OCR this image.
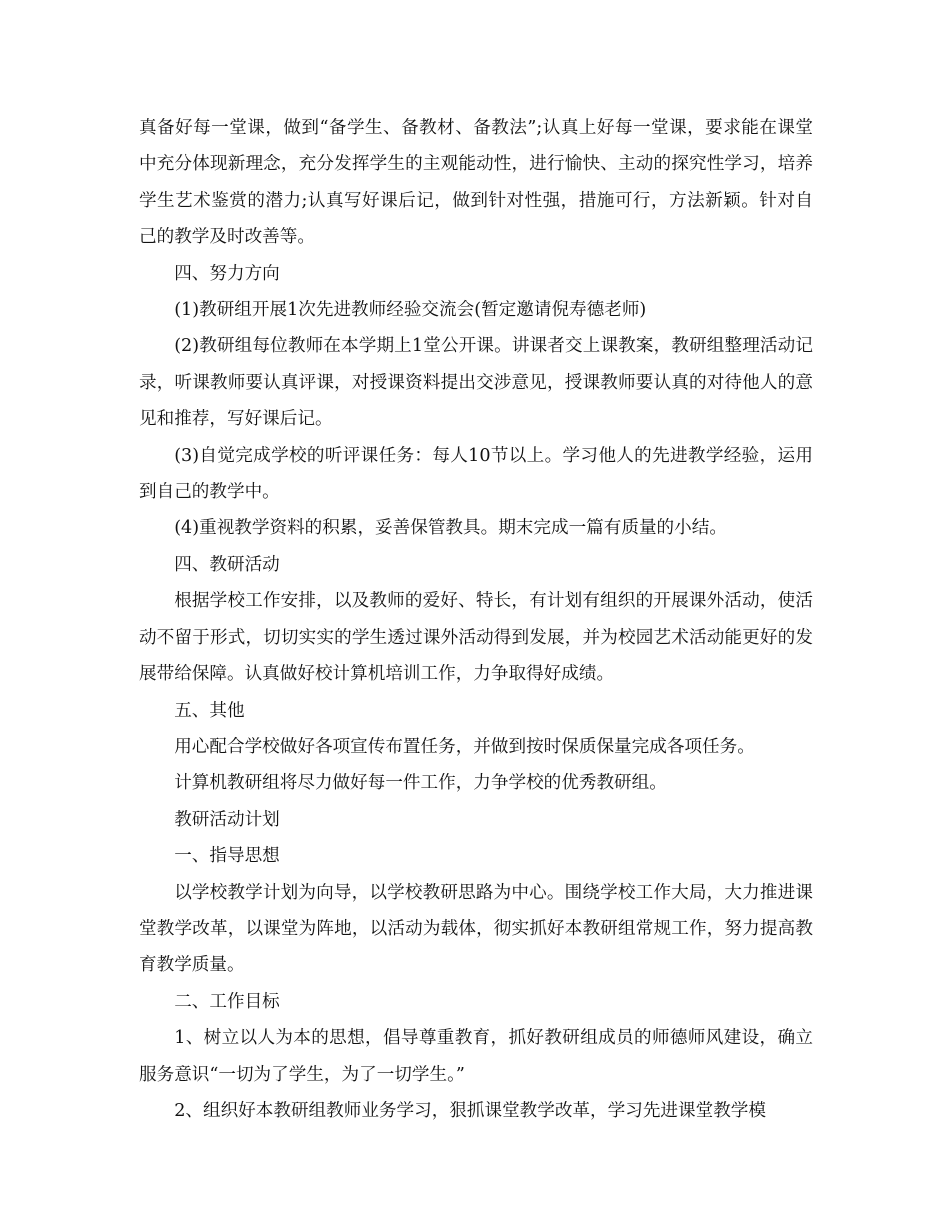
真备好每一堂课，做到“备学生、备教材、备教法”;认真上好每一堂课，要求能在课堂中充分体现新理念，充分发挥学生的主观能动性，进行愉快、主动的探究性学习，培养学生艺术鉴赏的潜力;认真写好课后记，做到针对性强，措施可行，方法新颖。针对自己的教学及时改善等。

四、努力方向

(1)教研组开展1次先进教师经验交流会(暂定邀请倪寿德老师)

(2)教研组每位教师在本学期上1堂公开课。讲课者交上课教案，教研组整理活动记录，听课教师要认真评课，对授课资料提出交涉意见，授课教师要认真的对待他人的意见和推荐，写好课后记。

(3)自觉完成学校的听评课任务：每人10节以上。学习他人的先进教学经验，运用到自己的教学中。

(4)重视教学资料的积累，妥善保管教具。期末完成一篇有质量的小结。

四、教研活动

根据学校工作安排，以及教师的爱好、特长，有计划有组织的开展课外活动，使活动不留于形式，切切实实的学生透过课外活动得到发展，并为校园艺术活动能更好的发展带给保障。认真做好校计算机培训工作，力争取得好成绩。

五、其他

用心配合学校做好各项宣传布置任务，并做到按时保质保量完成各项任务。

计算机教研组将尽力做好每一件工作，力争学校的优秀教研组。

教研活动计划

一、指导思想

以学校教学计划为向导，以学校教研思路为中心。围绕学校工作大局，大力推进课堂教学改革，以课堂为阵地，以活动为载体，彻实抓好本教研组常规工作，努力提高教育教学质量。

二、工作目标

1、树立以人为本的思想，倡导尊重教育，抓好教研组成员的师德师风建设，确立服务意识“一切为了学生，为了一切学生。”

2、组织好本教研组教师业务学习，狠抓课堂教学改革，学习先进课堂教学模
